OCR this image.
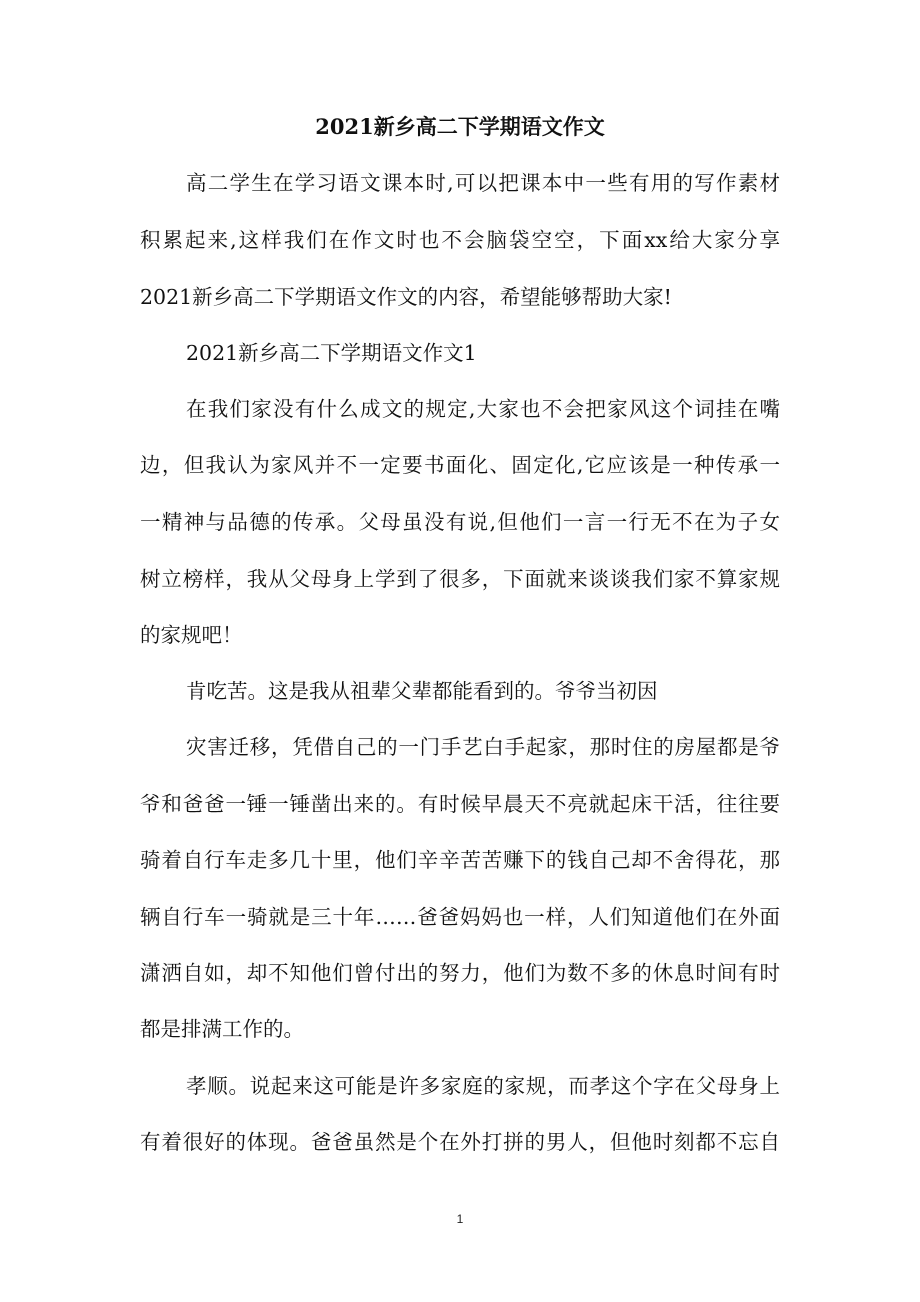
2021新乡高二下学期语文作文
高二学生在学习语文课本时,可以把课本中一些有用的写作素材
积累起来,这样我们在作文时也不会脑袋空空，下面xx给大家分享
2021新乡高二下学期语文作文的内容，希望能够帮助大家!
2021新乡高二下学期语文作文1
在我们家没有什么成文的规定,大家也不会把家风这个词挂在嘴
边，但我认为家风并不一定要书面化、固定化,它应该是一种传承一
一精神与品德的传承。父母虽没有说,但他们一言一行无不在为子女
树立榜样，我从父母身上学到了很多，下面就来谈谈我们家不算家规
的家规吧！
肯吃苦。这是我从祖辈父辈都能看到的。爷爷当初因
灾害迁移，凭借自己的一门手艺白手起家，那时住的房屋都是爷
爷和爸爸一锤一锤凿出来的。有时候早晨天不亮就起床干活，往往要
骑着自行车走多几十里，他们辛辛苦苦赚下的钱自己却不舍得花，那
辆自行车一骑就是三十年……爸爸妈妈也一样，人们知道他们在外面
潇洒自如，却不知他们曾付出的努力，他们为数不多的休息时间有时
都是排满工作的。
孝顺。说起来这可能是许多家庭的家规，而孝这个字在父母身上
有着很好的体现。爸爸虽然是个在外打拼的男人，但他时刻都不忘自
1
